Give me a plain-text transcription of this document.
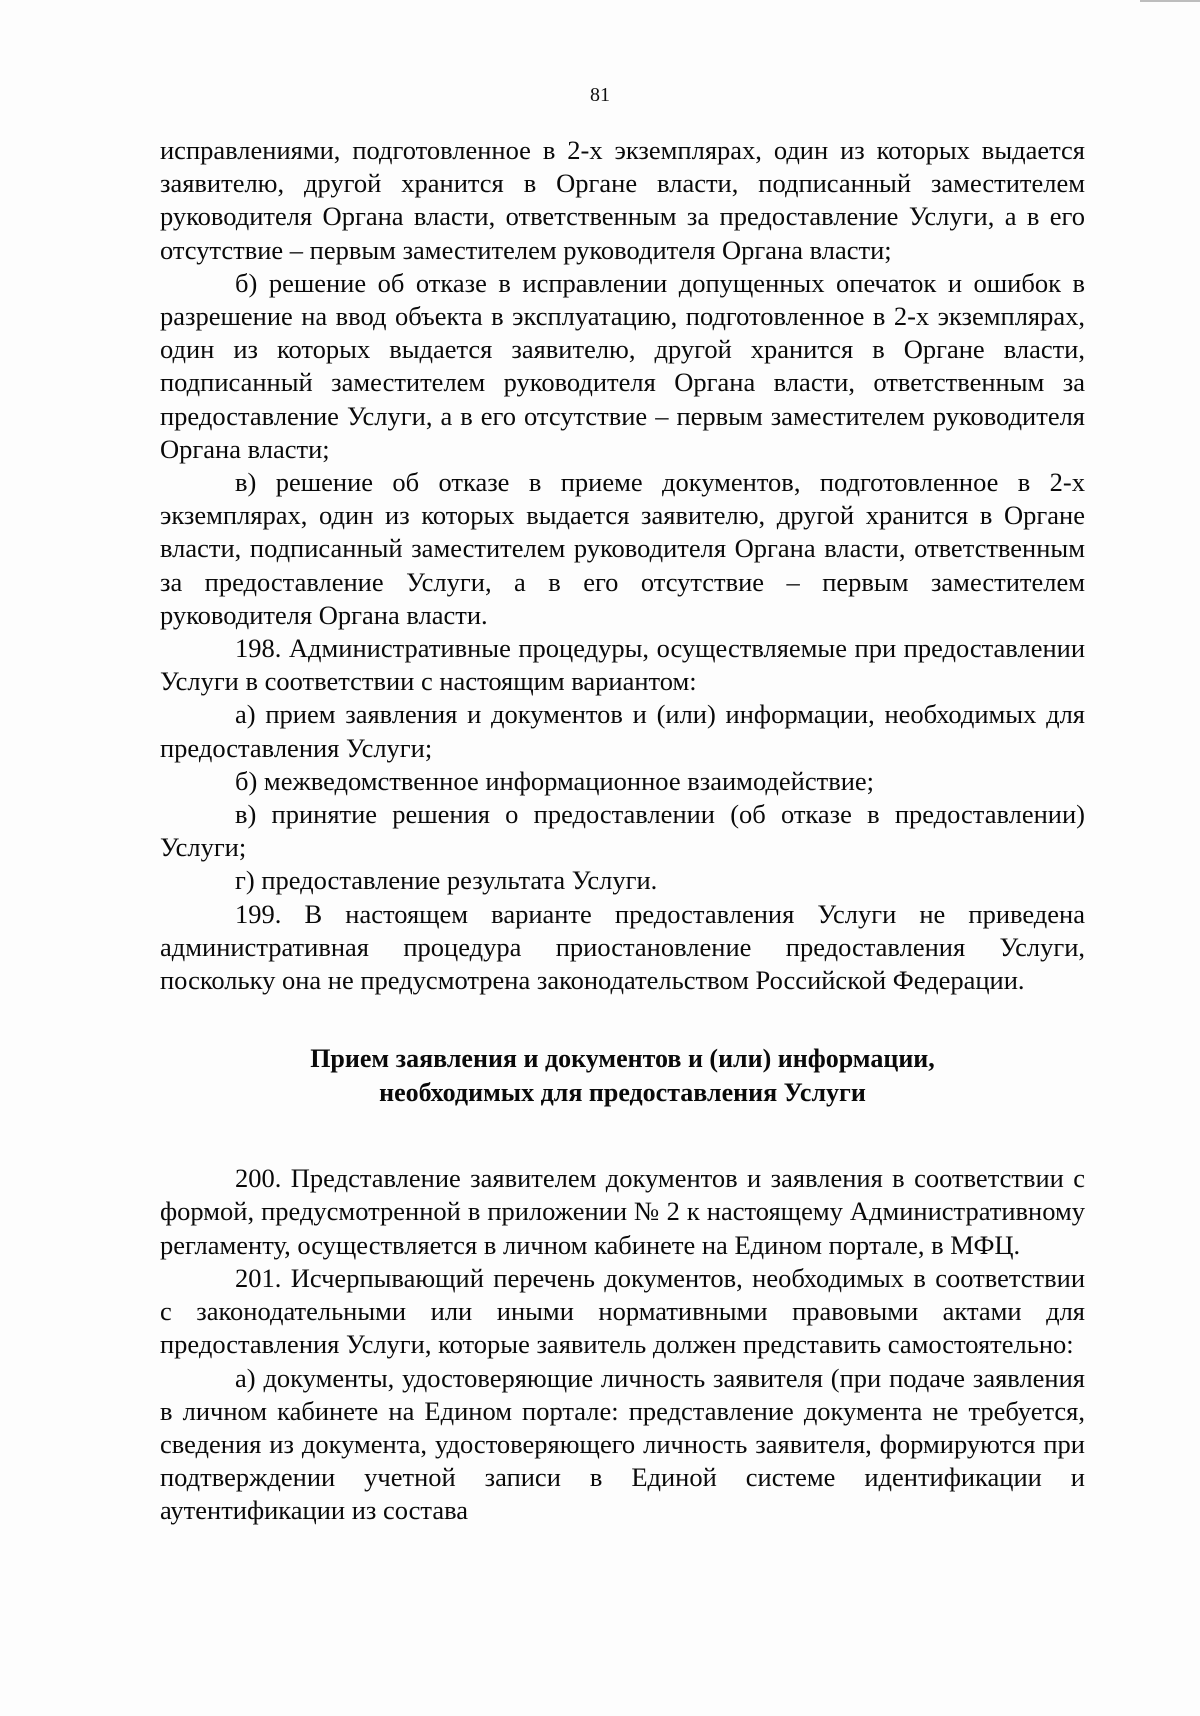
81

исправлениями, подготовленное в 2-х экземплярах, один из которых выдается заявителю, другой хранится в Органе власти, подписанный заместителем руководителя Органа власти, ответственным за предоставление Услуги, а в его отсутствие – первым заместителем руководителя Органа власти;

б) решение об отказе в исправлении допущенных опечаток и ошибок в разрешение на ввод объекта в эксплуатацию, подготовленное в 2-х экземплярах, один из которых выдается заявителю, другой хранится в Органе власти, подписанный заместителем руководителя Органа власти, ответственным за предоставление Услуги, а в его отсутствие – первым заместителем руководителя Органа власти;

в) решение об отказе в приеме документов, подготовленное в 2-х экземплярах, один из которых выдается заявителю, другой хранится в Органе власти, подписанный заместителем руководителя Органа власти, ответственным за предоставление Услуги, а в его отсутствие – первым заместителем руководителя Органа власти.

198. Административные процедуры, осуществляемые при предоставлении Услуги в соответствии с настоящим вариантом:

а) прием заявления и документов и (или) информации, необходимых для предоставления Услуги;

б) межведомственное информационное взаимодействие;

в) принятие решения о предоставлении (об отказе в предоставлении) Услуги;

г) предоставление результата Услуги.

199. В настоящем варианте предоставления Услуги не приведена административная процедура приостановление предоставления Услуги, поскольку она не предусмотрена законодательством Российской Федерации.

Прием заявления и документов и (или) информации,
необходимых для предоставления Услуги

200. Представление заявителем документов и заявления в соответствии с формой, предусмотренной в приложении № 2 к настоящему Административному регламенту, осуществляется в личном кабинете на Едином портале, в МФЦ.

201. Исчерпывающий перечень документов, необходимых в соответствии с законодательными или иными нормативными правовыми актами для предоставления Услуги, которые заявитель должен представить самостоятельно:

а) документы, удостоверяющие личность заявителя (при подаче заявления в личном кабинете на Едином портале: представление документа не требуется, сведения из документа, удостоверяющего личность заявителя, формируются при подтверждении учетной записи в Единой системе идентификации и аутентификации из состава
